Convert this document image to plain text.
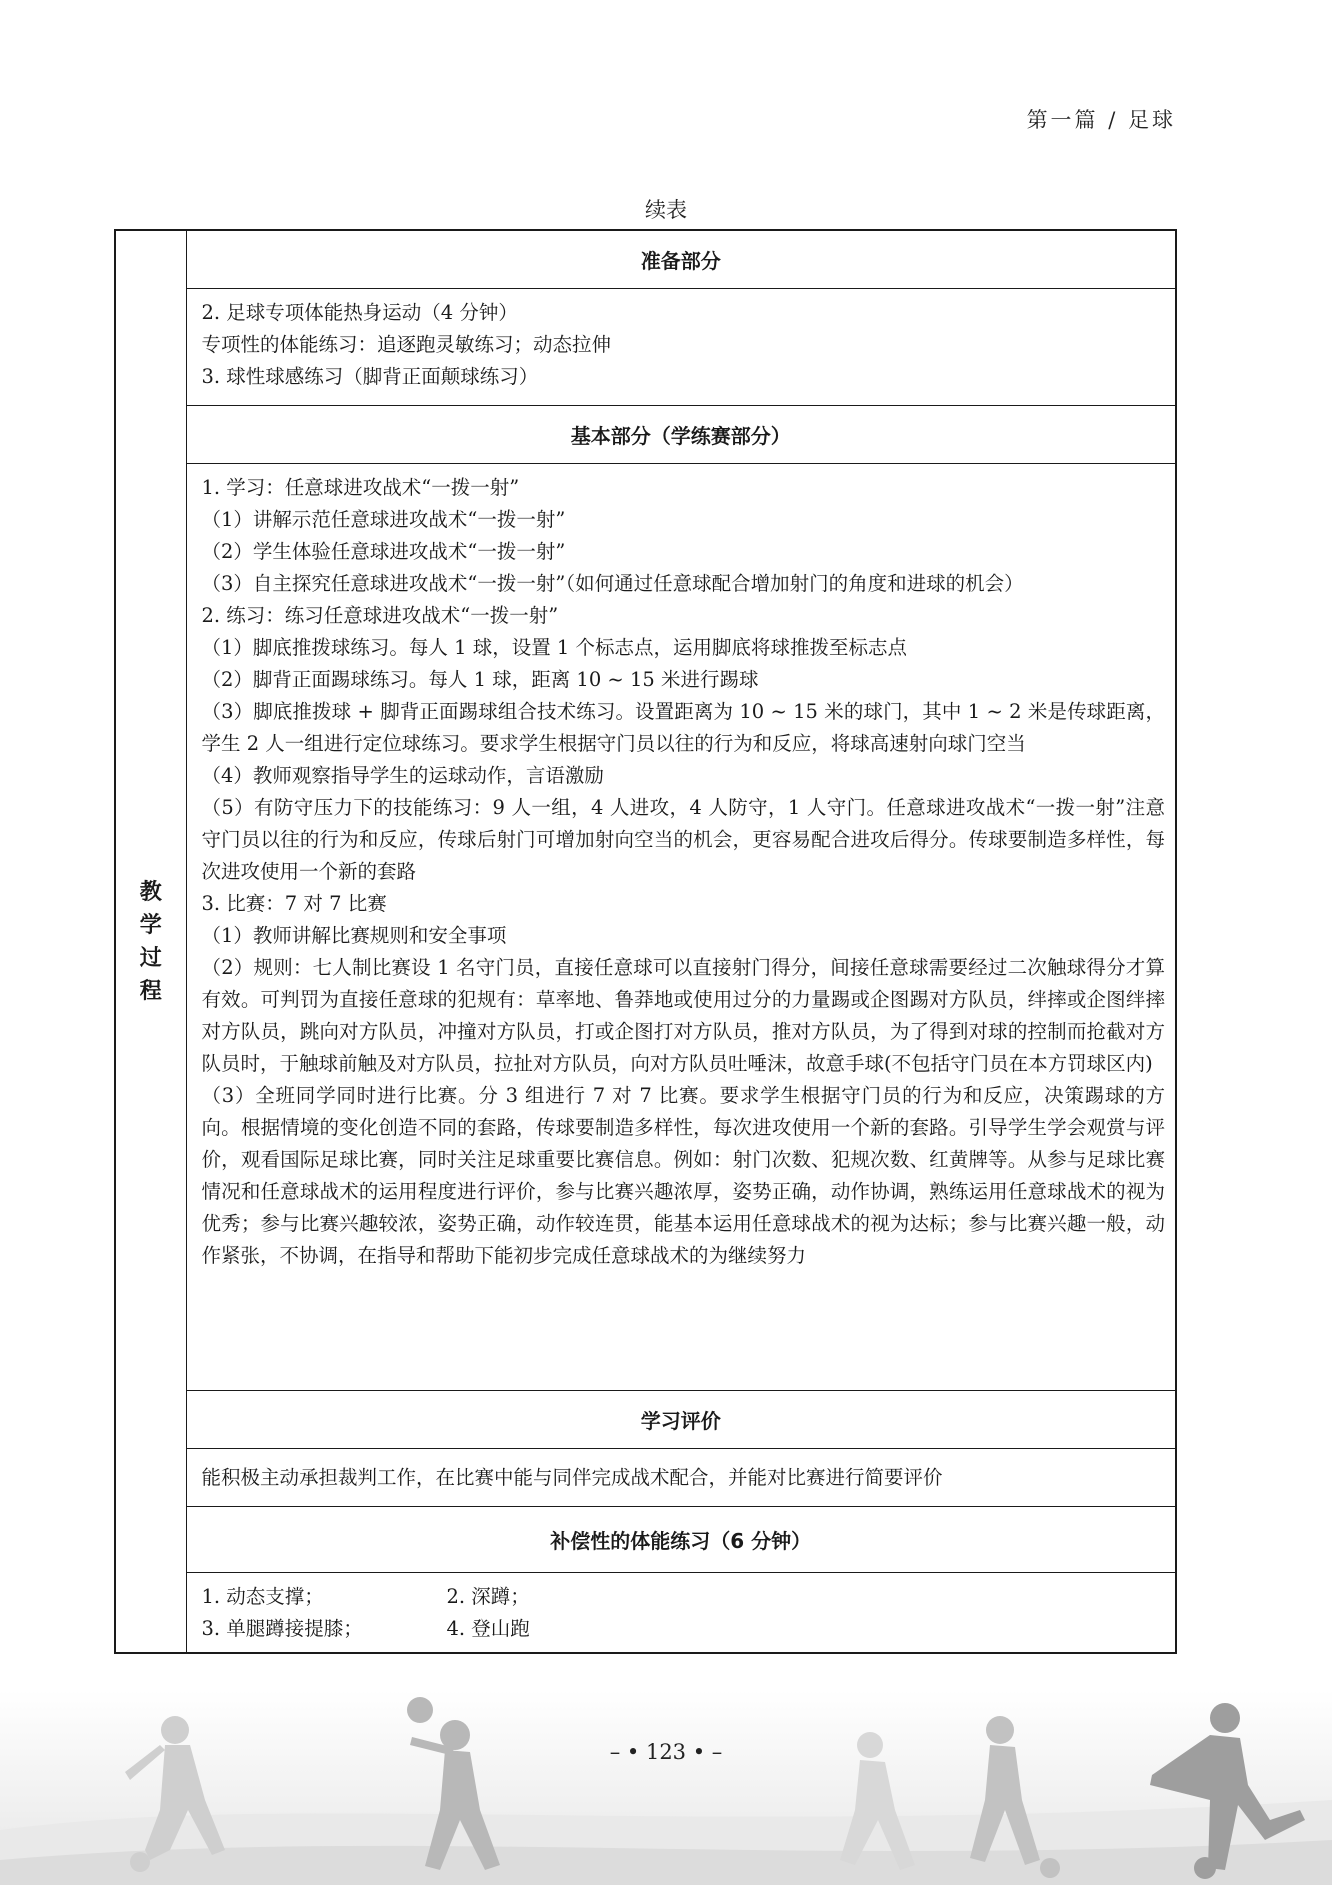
第一篇 / 足球
续表
教学过程	准备部分

2. 足球专项体能热身运动（4 分钟）
专项性的体能练习：追逐跑灵敏练习；动态拉伸
3. 球性球感练习（脚背正面颠球练习）

基本部分（学练赛部分）

1. 学习：任意球进攻战术“一拨一射”
（1）讲解示范任意球进攻战术“一拨一射”
（2）学生体验任意球进攻战术“一拨一射”
（3）自主探究任意球进攻战术“一拨一射”（如何通过任意球配合增加射门的角度和进球的机会）
2. 练习：练习任意球进攻战术“一拨一射”
（1）脚底推拨球练习。每人 1 球，设置 1 个标志点，运用脚底将球推拨至标志点
（2）脚背正面踢球练习。每人 1 球，距离 10 ~ 15 米进行踢球
（3）脚底推拨球 + 脚背正面踢球组合技术练习。设置距离为 10 ~ 15 米的球门，其中 1 ~ 2 米是传球距离，学生 2 人一组进行定位球练习。要求学生根据守门员以往的行为和反应，将球高速射向球门空当
（4）教师观察指导学生的运球动作，言语激励
（5）有防守压力下的技能练习：9 人一组，4 人进攻，4 人防守，1 人守门。任意球进攻战术“一拨一射”注意守门员以往的行为和反应，传球后射门可增加射向空当的机会，更容易配合进攻后得分。传球要制造多样性，每次进攻使用一个新的套路
3. 比赛：7 对 7 比赛
（1）教师讲解比赛规则和安全事项
（2）规则：七人制比赛设 1 名守门员，直接任意球可以直接射门得分，间接任意球需要经过二次触球得分才算有效。可判罚为直接任意球的犯规有：草率地、鲁莽地或使用过分的力量踢或企图踢对方队员，绊摔或企图绊摔对方队员，跳向对方队员，冲撞对方队员，打或企图打对方队员，推对方队员，为了得到对球的控制而抢截对方队员时，于触球前触及对方队员，拉扯对方队员，向对方队员吐唾沫，故意手球(不包括守门员在本方罚球区内)
（3）全班同学同时进行比赛。分 3 组进行 7 对 7 比赛。要求学生根据守门员的行为和反应，决策踢球的方向。根据情境的变化创造不同的套路，传球要制造多样性，每次进攻使用一个新的套路。引导学生学会观赏与评价，观看国际足球比赛，同时关注足球重要比赛信息。例如：射门次数、犯规次数、红黄牌等。从参与足球比赛情况和任意球战术的运用程度进行评价，参与比赛兴趣浓厚，姿势正确，动作协调，熟练运用任意球战术的视为优秀；参与比赛兴趣较浓，姿势正确，动作较连贯，能基本运用任意球战术的视为达标；参与比赛兴趣一般，动作紧张，不协调，在指导和帮助下能初步完成任意球战术的为继续努力

学习评价

能积极主动承担裁判工作，在比赛中能与同伴完成战术配合，并能对比赛进行简要评价

补偿性的体能练习（6 分钟）

1. 动态支撑；	2. 深蹲；
3. 单腿蹲接提膝；	4. 登山跑
– • 123 • –
